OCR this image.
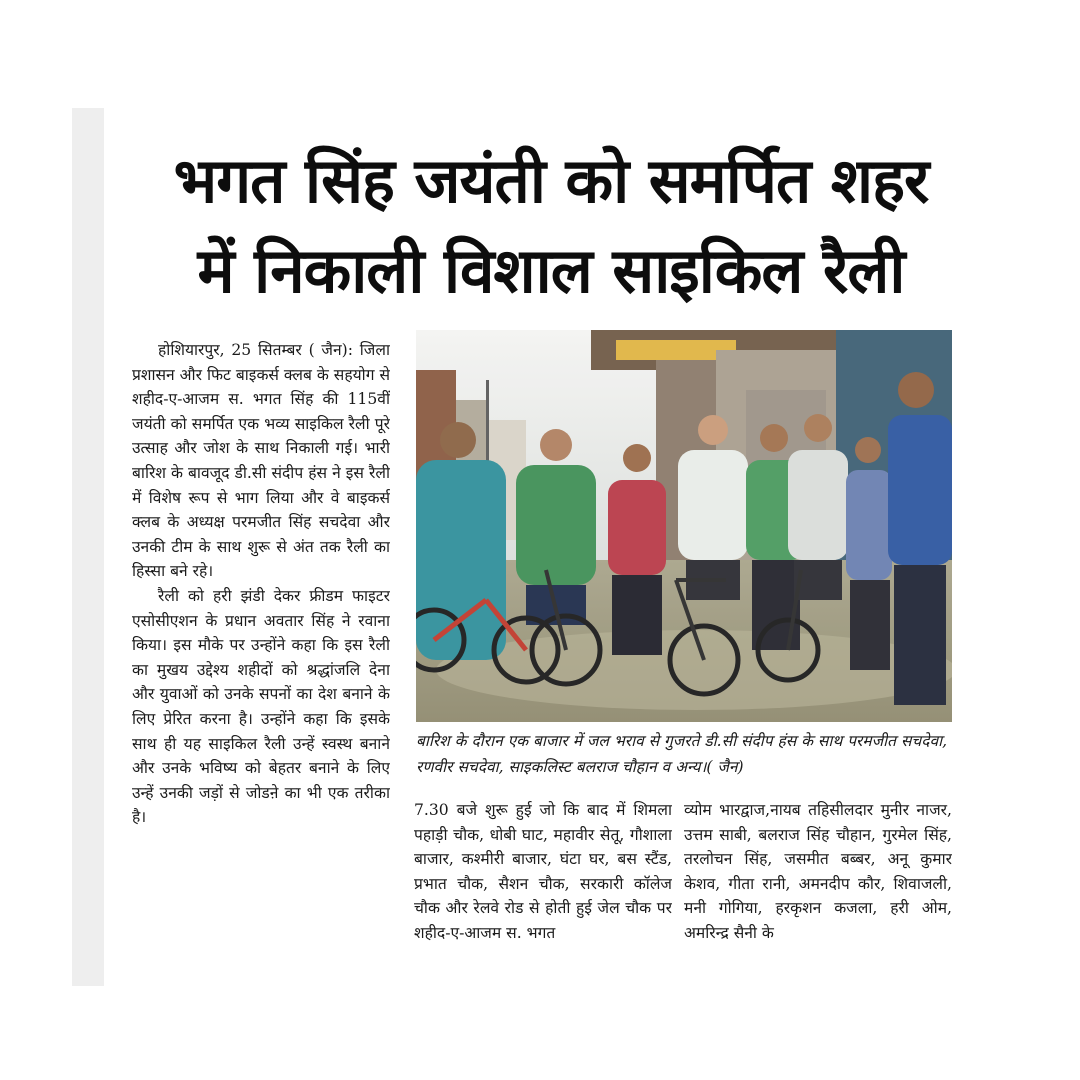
भगत सिंह जयंती को समर्पित शहर
में निकाली विशाल साइकिल रैली

होशियारपुर, 25 सितम्बर ( जैन): जिला प्रशासन और फिट बाइकर्स क्लब के सहयोग से शहीद-ए-आजम स. भगत सिंह की 115वीं जयंती को समर्पित एक भव्य साइकिल रैली पूरे उत्साह और जोश के साथ निकाली गई। भारी बारिश के बावजूद डी.सी संदीप हंस ने इस रैली में विशेष रूप से भाग लिया और वे बाइकर्स क्लब के अध्यक्ष परमजीत सिंह सचदेवा और उनकी टीम के साथ शुरू से अंत तक रैली का हिस्सा बने रहे।

रैली को हरी झंडी देकर फ्रीडम फाइटर एसोसीएशन के प्रधान अवतार सिंह ने रवाना किया। इस मौके पर उन्होंने कहा कि इस रैली का मुखय उद्देश्य शहीदों को श्रद्धांजलि देना और युवाओं को उनके सपनों का देश बनाने के लिए प्रेरित करना है। उन्होंने कहा कि इसके साथ ही यह साइकिल रैली उन्हें स्वस्थ बनाने और उनके भविष्य को बेहतर बनाने के लिए उन्हें उनकी जड़ों से जोडऩे का भी एक तरीका है।

बारिश के दौरान एक बाजार में जल भराव से गुजरते डी.सी संदीप हंस के साथ परमजीत सचदेवा, रणवीर सचदेवा, साइकलिस्ट बलराज चौहान व अन्य।( जैन)

7.30 बजे शुरू हुई जो कि बाद में शिमला पहाड़ी चौक, धोबी घाट, महावीर सेतू, गौशाला बाजार, कश्मीरी बाजार, घंटा घर, बस स्टैंड, प्रभात चौक, सैशन चौक, सरकारी कॉलेज चौक और रेलवे रोड से होती हुई जेल चौक पर शहीद-ए-आजम स. भगत

व्योम भारद्वाज,नायब तहिसीलदार मुनीर नाजर, उत्तम साबी, बलराज सिंह चौहान, गुरमेल सिंह, तरलोचन सिंह, जसमीत बब्बर, अनू कुमार केशव, गीता रानी, अमनदीप कौर, शिवाजली, मनी गोगिया, हरकृशन कजला, हरी ओम, अमरिन्द्र सैनी के
